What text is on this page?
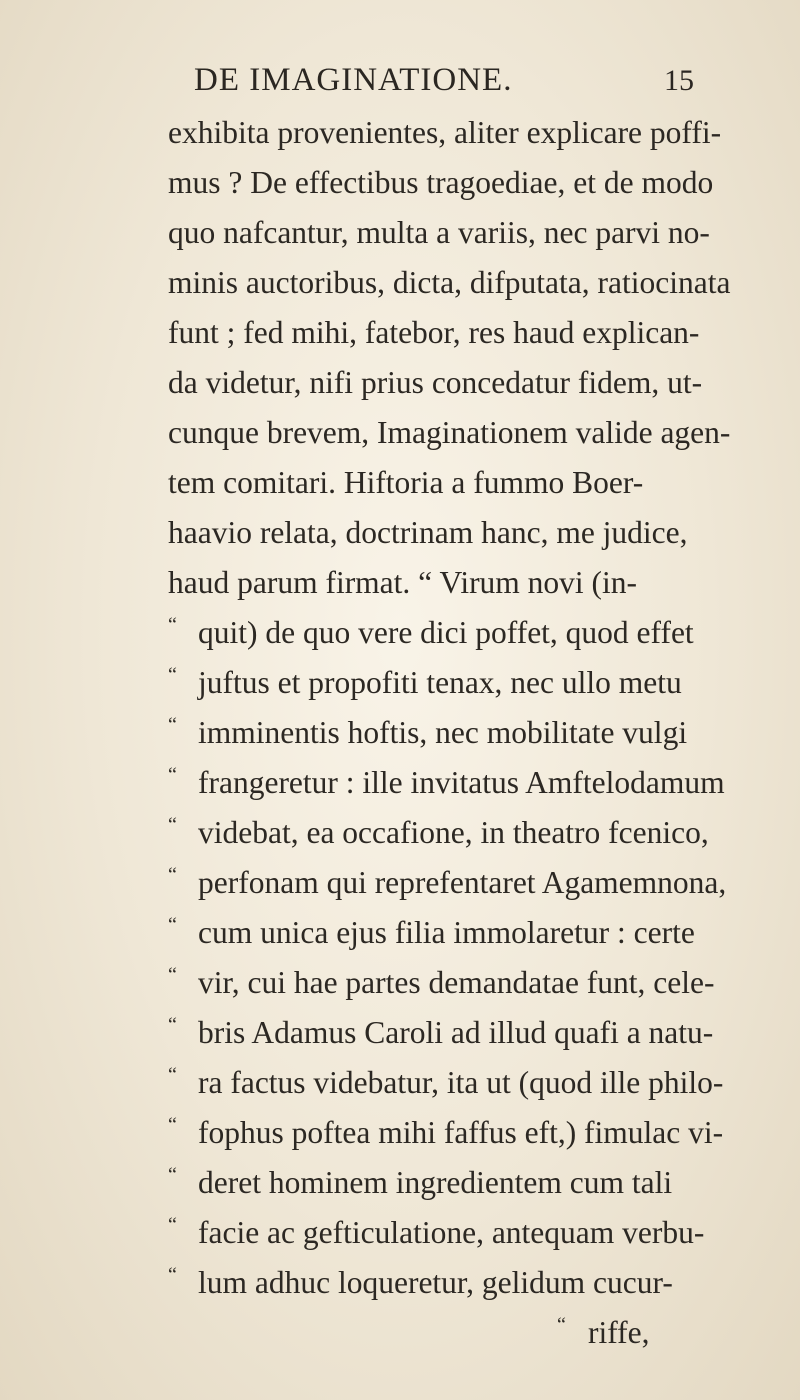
DE IMAGINATIONE.	15
exhibita provenientes, aliter explicare poffi-
mus ? De effectibus tragoediae, et de modo
quo nafcantur, multa a variis, nec parvi no-
minis auctoribus, dicta, difputata, ratiocinata
funt ; fed mihi, fatebor, res haud explican-
da videtur, nifi prius concedatur fidem, ut-
cunque brevem, Imaginationem valide agen-
tem comitari. Hiftoria a fummo Boer-
haavio relata, doctrinam hanc, me judice,
haud parum firmat. “ Virum novi (in-
“ quit) de quo vere dici poffet, quod effet
“ juftus et propofiti tenax, nec ullo metu
“ imminentis hoftis, nec mobilitate vulgi
“ frangeretur : ille invitatus Amftelodamum
“ videbat, ea occafione, in theatro fcenico,
“ perfonam qui reprefentaret Agamemnona,
“ cum unica ejus filia immolaretur : certe
“ vir, cui hae partes demandatae funt, cele-
“ bris Adamus Caroli ad illud quafi a natu-
“ ra factus videbatur, ita ut (quod ille philo-
“ fophus poftea mihi faffus eft,) fimulac vi-
“ deret hominem ingredientem cum tali
“ facie ac gefticulatione, antequam verbu-
“ lum adhuc loqueretur, gelidum cucur-
“ riffe,
